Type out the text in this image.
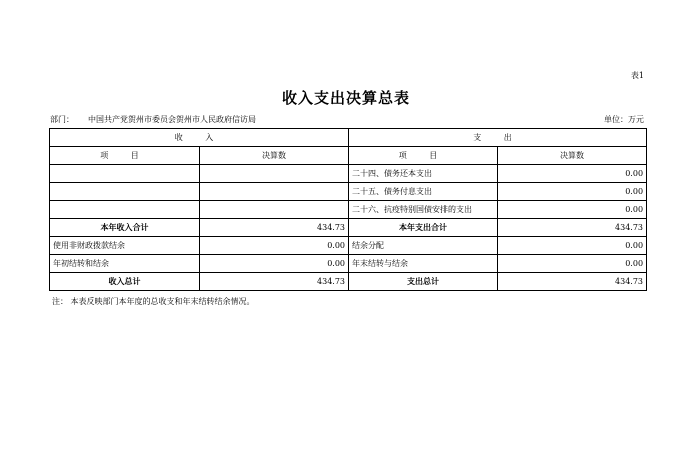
表1
收入支出决算总表
部门： 中国共产党贺州市委员会贺州市人民政府信访局	单位：万元
收 入		支 出	
项 目	决算数	项 目	决算数
		二十四、债务还本支出	0.00
		二十五、债务付息支出	0.00
		二十六、抗疫特别国债安排的支出	0.00
本年收入合计	434.73	本年支出合计	434.73
使用非财政拨款结余	0.00	结余分配	0.00
年初结转和结余	0.00	年末结转与结余	0.00
收入总计	434.73	支出总计	434.73
注： 本表反映部门本年度的总收支和年末结转结余情况。
